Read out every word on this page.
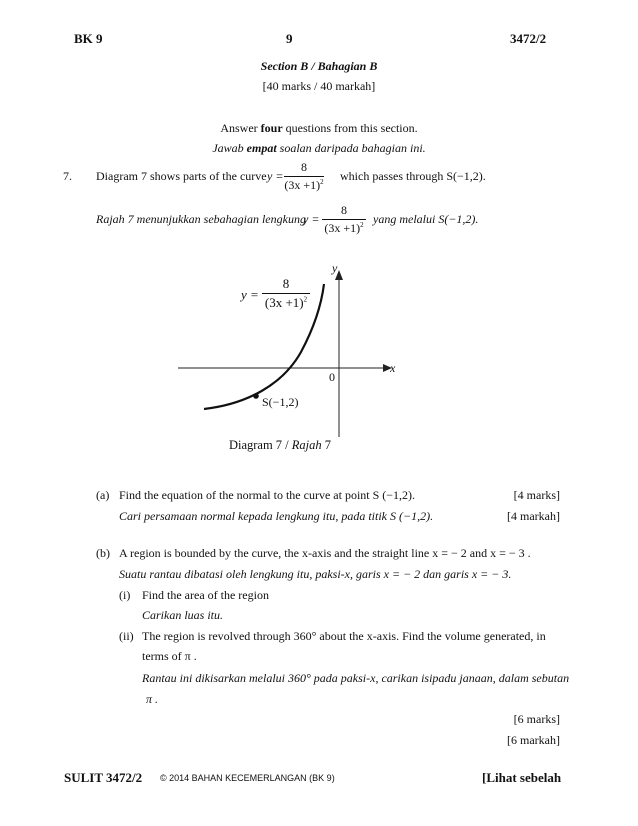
BK 9	9	3472/2
Section B / Bahagian B
[40 marks / 40 markah]
Answer four questions from this section.
Jawab empat soalan daripada bahagian ini.
7. Diagram 7 shows parts of the curve y =
8
$(3x +1)^2$ which passes through S(−1,2).
Rajah 7 menunjukkan sebahagian lengkung
y =
8
$(3x +1)^2$ yang melalui S(−1,2).
y
x
0
S(−1,2)
y =
8
$(3x +1)^2$
Diagram 7 / Rajah 7
(a) Find the equation of the normal to the curve at point S (−1,2).
Cari persamaan normal kepada lengkung itu, pada titik S (−1,2).
[4 marks]
[4 markah]
(b) A region is bounded by the curve, the x-axis and the straight line x = − 2 and x = − 3 .
Suatu rantau dibatasi oleh lengkung itu, paksi-x, garis x = − 2 dan garis x = − 3.
(i) Find the area of the region
Carikan luas itu.
(ii) The region is revolved through 360° about the x-axis. Find the volume generated, in
terms of π .
Rantau ini dikisarkan melalui 360° pada paksi-x, carikan isipadu janaan, dalam sebutan
π .
[6 marks]
[6 markah]
SULIT 3472/2 © 2014 BAHAN KECEMERLANGAN (BK 9)	[Lihat sebelah
